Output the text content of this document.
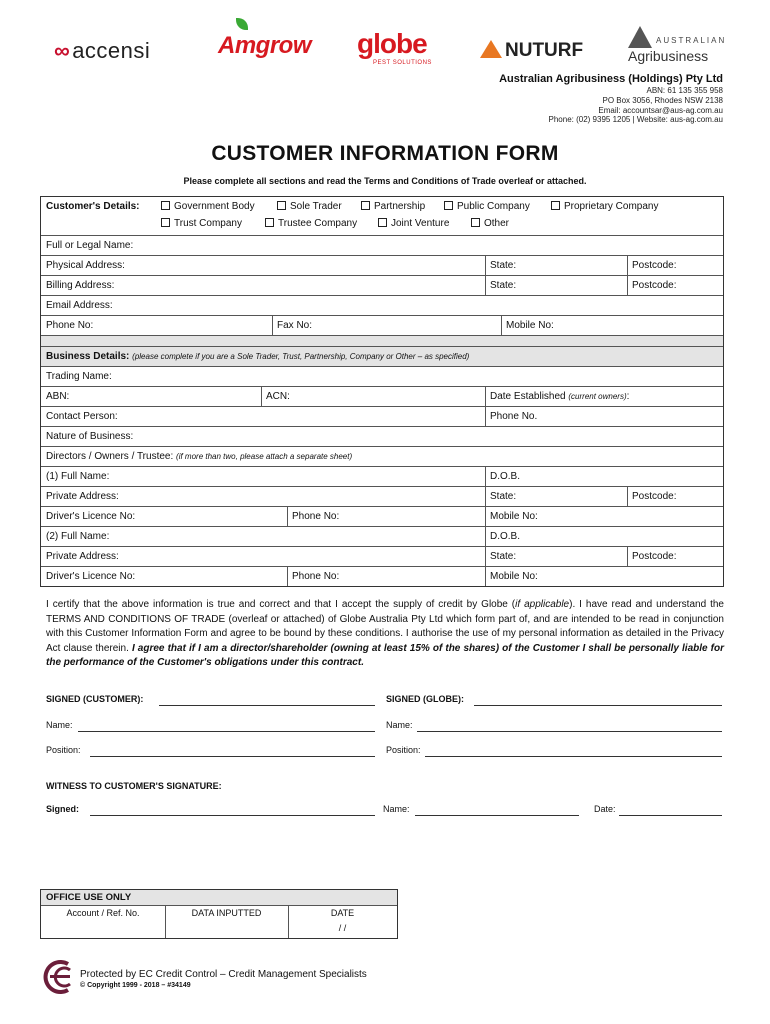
∞accensi	Amgrow globe
PEST SOLUTIONS
NUTURF	AUSTRALIAN
Agribusiness
Australian Agribusiness (Holdings) Pty Ltd
ABN: 61 135 355 958
PO Box 3056, Rhodes NSW 2138
Email: accountsar@aus-ag.com.au
Phone: (02) 9395 1205 | Website: aus-ag.com.au
CUSTOMER INFORMATION FORM
Please complete all sections and read the Terms and Conditions of Trade overleaf or attached.
Customer's Details:	Government Body	Sole Trader	Partnership	Public Company	Proprietary Company
Trust Company	Trustee Company	Joint Venture	Other
Full or Legal Name:
Physical Address:	State:	Postcode:
Billing Address:	State:	Postcode:
Email Address:
Phone No:	Fax No:	Mobile No:
Business Details: (please complete if you are a Sole Trader, Trust, Partnership, Company or Other – as specified)
Trading Name:
ABN:	ACN:	Date Established (current owners):
Contact Person:	Phone No.
Nature of Business:
Directors / Owners / Trustee: (if more than two, please attach a separate sheet)
(1) Full Name:	D.O.B.
Private Address:	State:	Postcode:
Driver's Licence No:	Phone No:	Mobile No:
(2) Full Name:	D.O.B.
Private Address:	State:	Postcode:
Driver's Licence No:	Phone No:	Mobile No:
I certify that the above information is true and correct and that I accept the supply of credit by Globe (if applicable). I have read and understand the TERMS AND CONDITIONS OF TRADE (overleaf or attached) of Globe Australia Pty Ltd which form part of, and are intended to be read in conjunction with this Customer Information Form and agree to be bound by these conditions. I authorise the use of my personal information as detailed in the Privacy Act clause therein. I agree that if I am a director/shareholder (owning at least 15% of the shares) of the Customer I shall be personally liable for the performance of the Customer's obligations under this contract.
SIGNED (CUSTOMER):	SIGNED (GLOBE):
Name:	Name:
Position:	Position:
WITNESS TO CUSTOMER'S SIGNATURE:
Signed:	Name:	Date:
OFFICE USE ONLY
Account / Ref. No.	DATA INPUTTED	DATE
/ /
Protected by EC Credit Control – Credit Management Specialists
© Copyright 1999 - 2018 – #34149
